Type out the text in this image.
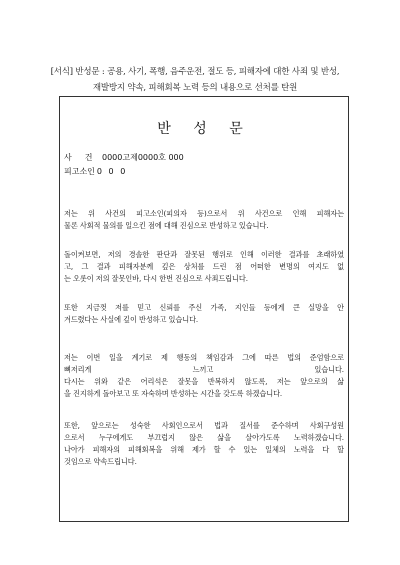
[서식] 반성문 : 공용, 사기, 폭행, 음주운전, 절도 등, 피해자에 대한 사죄 및 반성,
재발방지 약속, 피해회복 노력 등의 내용으로 선처를 탄원
반 성 문
사건0000고제0000호 000
피고소인 0 0 0
저는 위 사건의 피고소인(피의자 등)으로서 위 사건으로 인해 피해자는
물론 사회적 물의를 일으킨 점에 대해 진심으로 반성하고 있습니다.
돌이켜보면, 저의 경솔한 판단과 잘못된 행위로 인해 이러한 결과를 초래하였
고, 그 결과 피해자분께 깊은 상처를 드린 점 어떠한 변명의 여지도 없
는 오롯이 저의 잘못인바, 다시 한번 진심으로 사죄드립니다.
또한 지금껏 저를 믿고 신뢰를 주신 가족, 지인들 등에게 큰 실망을 안
겨드렸다는 사실에 깊이 반성하고 있습니다.
저는 이번 일을 계기로 제 행동의 책임감과 그에 따른 법의 준엄함으로
뼈저리게 느끼고 있습니다.
다시는 위와 같은 어리석은 잘못을 반복하지 않도록, 저는 앞으로의 삶
을 진지하게 돌아보고 또 자숙하며 반성하는 시간을 갖도록 하겠습니다.
또한, 앞으로는 성숙한 사회인으로서 법과 질서를 준수하며 사회구성원
으로서 누구에게도 부끄럽지 않은 삶을 살아가도록 노력하겠습니다.
나아가 피해자의 피해회복을 위해 제가 할 수 있는 일체의 노력을 다 할
것임으로 약속드립니다.
